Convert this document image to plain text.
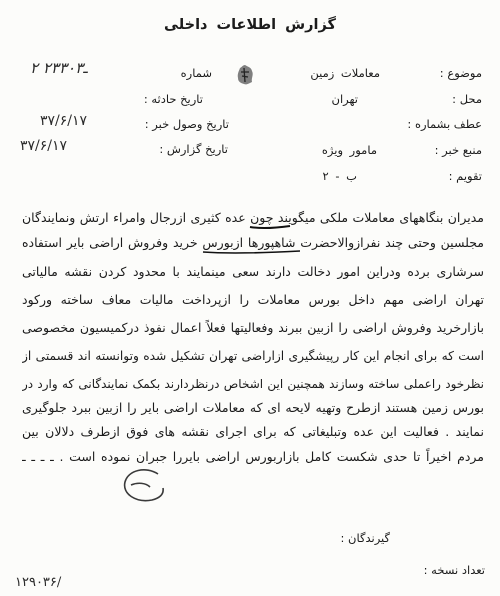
گزارش اطلاعات داخلی
موضوع :
معاملات زمین
محل :
تهران
عطف بشماره :
منبع خبر :
مامور ویژه
تقویم :
ب - ۲
شماره
۲ ۲۳ـ۳۰۳
تاریخ حادثه :
تاریخ وصول خبر :
۳۷/۶/۱۷
تاریخ گزارش :
۳۷/۶/۱۷
مدیران بنگاههای معاملات ملکی میگویند چون عده کثیری ازرجال وامراء ارتش ونمایندگان
مجلسین وحتی چند نفرازوالاحضرت شاهپورها ازبورس خرید وفروش اراضی بایر استفاده
سرشاری برده ودراین امور دخالت دارند سعی مینمایند با محدود کردن نقشه مالیاتی
تهران اراضی مهم داخل بورس معاملات را ازپرداخت مالیات معاف ساخته ورکود
بازارخرید وفروش اراضی را ازبین ببرند وفعالیتها فعلاً اعمال نفوذ درکمیسیون مخصوصی
است که برای انجام این کار رپیشگیری ازاراضی تهران تشکیل شده وتوانسته اند قسمتی از
نظرخود راعملی ساخته وسازند همچنین این اشخاص درنظردارند بکمک نمایندگانی که وارد در
بورس زمین هستند ازطرح وتهیه لایحه ای که معاملات اراضی بایر را ازبین ببرد جلوگیری
نمایند . فعالیت این عده وتبلیغاتی که برای اجرای نقشه های فوق ازطرف دلالان بین
مردم اخیراً تا حدی شکست کامل بازاربورس اراضی بایررا جبران نموده است . ـ ـ ـ ـ
گیرندگان :
تعداد نسخه :
۱۲۹۰۳۶/
